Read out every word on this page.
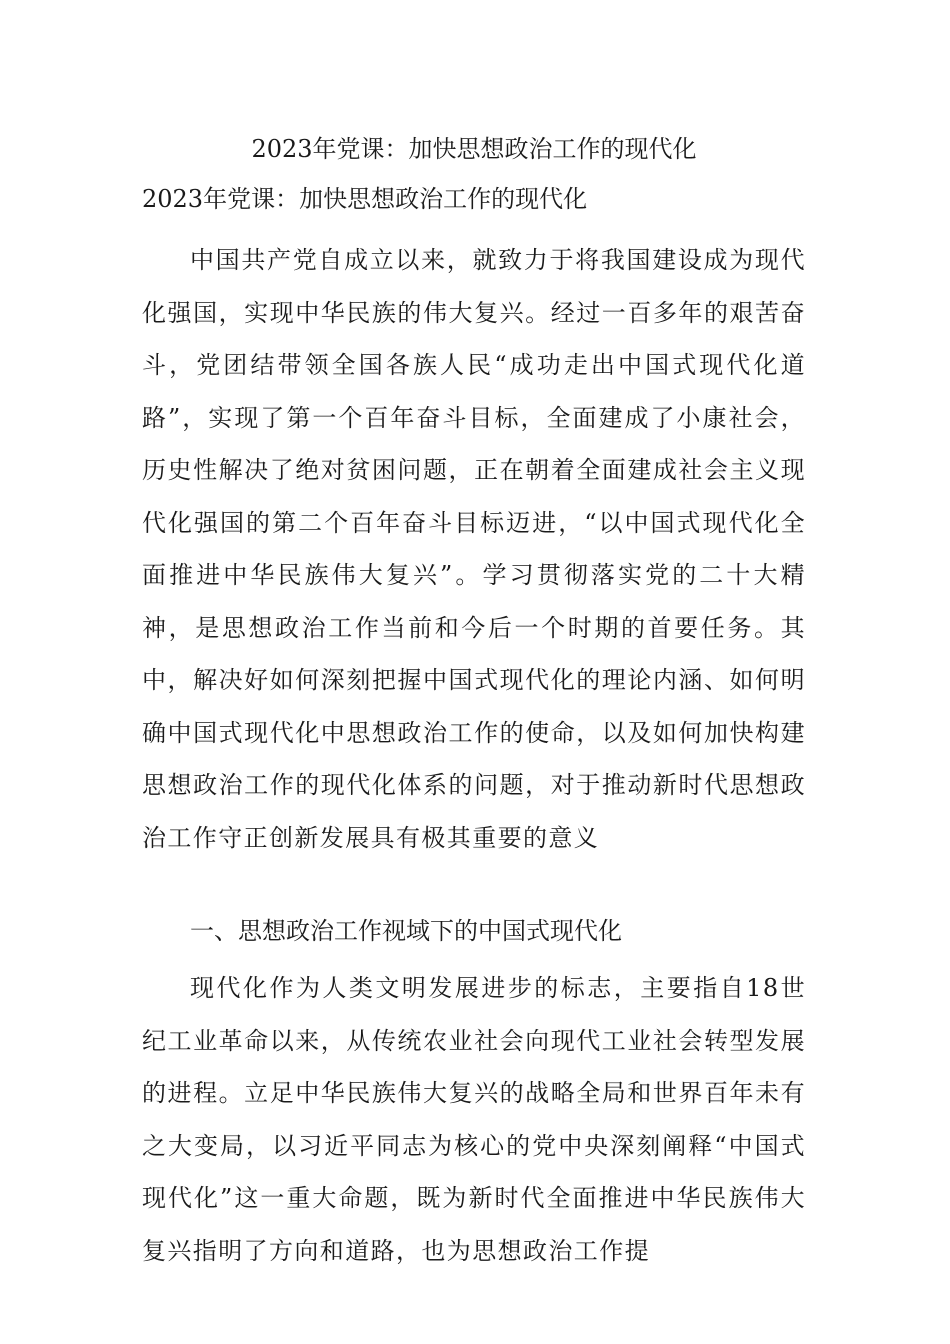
2023年党课：加快思想政治工作的现代化
2023年党课：加快思想政治工作的现代化

中国共产党自成立以来，就致力于将我国建设成为现代化强国，实现中华民族的伟大复兴。经过一百多年的艰苦奋斗，党团结带领全国各族人民“成功走出中国式现代化道路”，实现了第一个百年奋斗目标，全面建成了小康社会，历史性解决了绝对贫困问题，正在朝着全面建成社会主义现代化强国的第二个百年奋斗目标迈进，“以中国式现代化全面推进中华民族伟大复兴”。学习贯彻落实党的二十大精神，是思想政治工作当前和今后一个时期的首要任务。其中，解决好如何深刻把握中国式现代化的理论内涵、如何明确中国式现代化中思想政治工作的使命，以及如何加快构建思想政治工作的现代化体系的问题，对于推动新时代思想政治工作守正创新发展具有极其重要的意义

一、思想政治工作视域下的中国式现代化

现代化作为人类文明发展进步的标志，主要指自18世纪工业革命以来，从传统农业社会向现代工业社会转型发展的进程。立足中华民族伟大复兴的战略全局和世界百年未有之大变局，以习近平同志为核心的党中央深刻阐释“中国式现代化”这一重大命题，既为新时代全面推进中华民族伟大复兴指明了方向和道路，也为思想政治工作提
